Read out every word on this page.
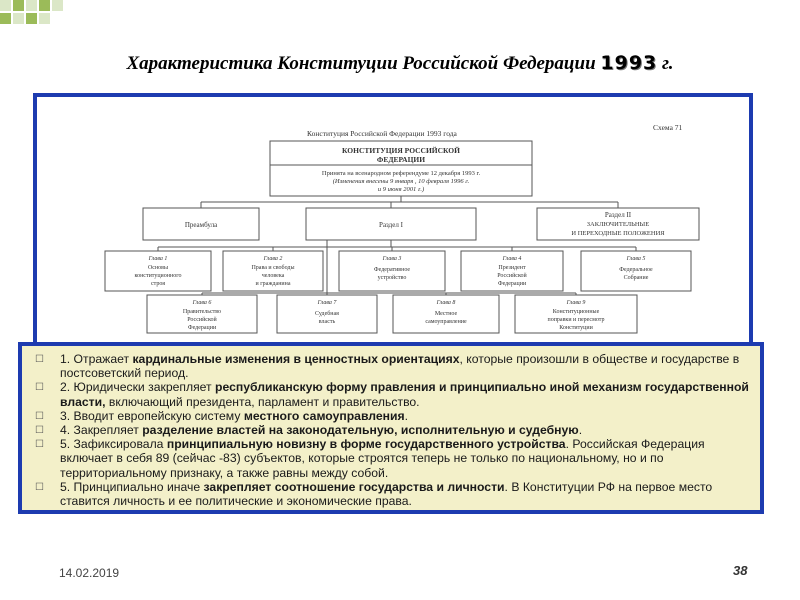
Характеристика Конституции Российской Федерации 1993 г.
Конституция Российской Федерации 1993 года
Схема 71
КОНСТИТУЦИЯ РОССИЙСКОЙ
ФЕДЕРАЦИИ
Принята на всенародном референдуме 12 декабря 1993 г.
(Изменения внесены 9 января , 10 февраля 1996 г.
и 9 июня 2001 г.)
Преамбула	Раздел I
Раздел II
ЗАКЛЮЧИТЕЛЬНЫЕ
И ПЕРЕХОДНЫЕ ПОЛОЖЕНИЯ
Глава 1
Основы
конституционного
строя
Глава 2
Права и свободы
человека
и гражданина
Глава 3
Федеративное
устройство
Глава 4
Президент
Российской
Федерации
Глава 5
Федеральное
Собрание
Глава 6
Правительство
Российской
Федерации
Глава 7
Судебная
власть
Глава 8
Местное
самоуправление
Глава 9
Конституционные
поправки и пересмотр
Конституции
☐ 1. Отражает кардинальные изменения в ценностных ориентациях, которые произошли в обществе и государстве в постсоветский период.
☐ 2. Юридически закрепляет республиканскую форму правления и принципиально иной механизм государственной власти, включающий президента, парламент и правительство.
☐ 3. Вводит европейскую систему местного самоуправления.
☐ 4. Закрепляет разделение властей на законодательную, исполнительную и судебную.
☐ 5. Зафиксировала принципиальную новизну в форме государственного устройства. Российская Федерация включает в себя 89 (сейчас -83) субъектов, которые строятся теперь не только по национальному, но и по территориальному признаку, а также равны между собой.
☐ 5. Принципиально иначе закрепляет соотношение государства и личности. В Конституции РФ на первое место ставится личность и ее политические и экономические права.
14.02.2019	38
